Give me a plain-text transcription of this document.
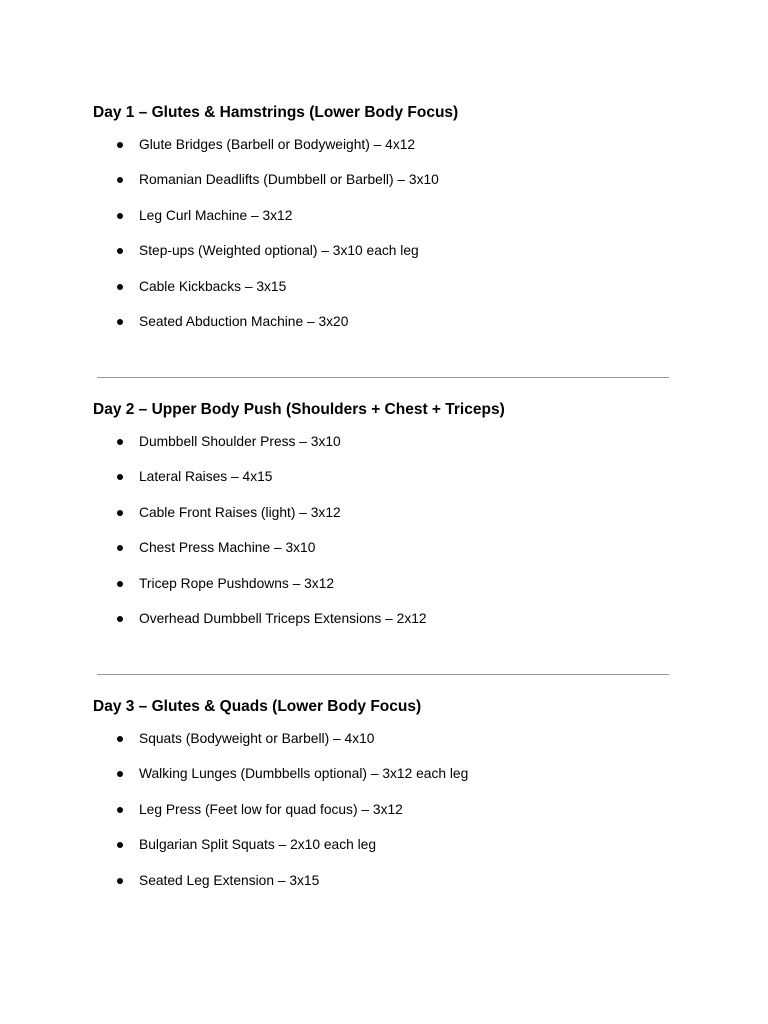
Day 1 – Glutes & Hamstrings (Lower Body Focus)
Glute Bridges (Barbell or Bodyweight) – 4x12
Romanian Deadlifts (Dumbbell or Barbell) – 3x10
Leg Curl Machine – 3x12
Step-ups (Weighted optional) – 3x10 each leg
Cable Kickbacks – 3x15
Seated Abduction Machine – 3x20
Day 2 – Upper Body Push (Shoulders + Chest + Triceps)
Dumbbell Shoulder Press – 3x10
Lateral Raises – 4x15
Cable Front Raises (light) – 3x12
Chest Press Machine – 3x10
Tricep Rope Pushdowns – 3x12
Overhead Dumbbell Triceps Extensions – 2x12
Day 3 – Glutes & Quads (Lower Body Focus)
Squats (Bodyweight or Barbell) – 4x10
Walking Lunges (Dumbbells optional) – 3x12 each leg
Leg Press (Feet low for quad focus) – 3x12
Bulgarian Split Squats – 2x10 each leg
Seated Leg Extension – 3x15
